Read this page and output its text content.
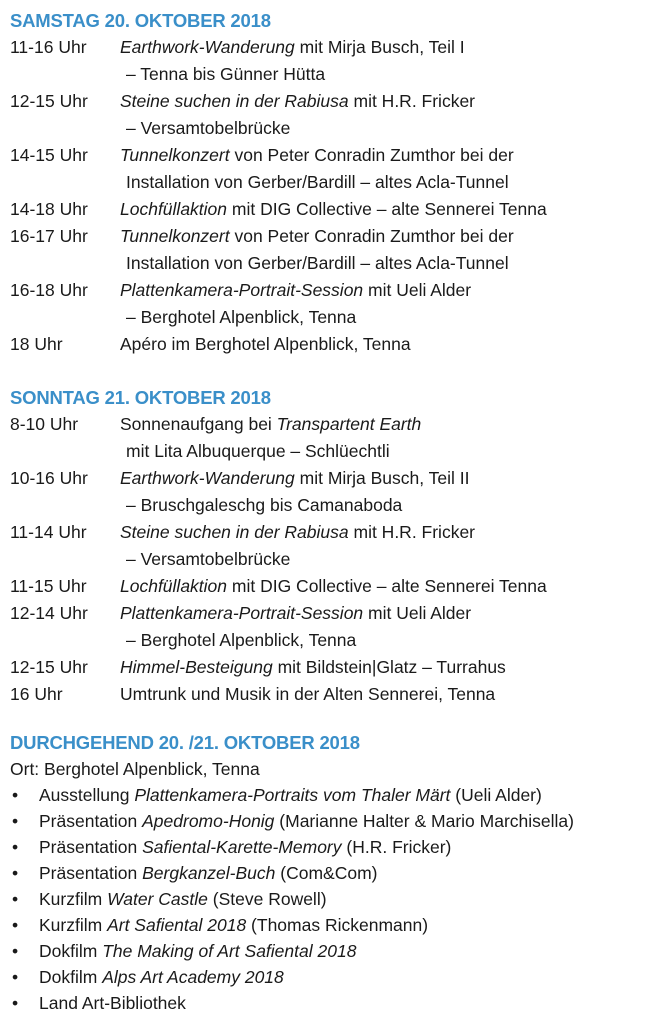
SAMSTAG 20. OKTOBER 2018
11-16 Uhr	Earthwork-Wanderung mit Mirja Busch, Teil I
– Tenna bis Günner Hütta
12-15 Uhr	Steine suchen in der Rabiusa mit H.R. Fricker
– Versamtobelbrücke
14-15 Uhr	Tunnelkonzert von Peter Conradin Zumthor bei der
Installation von Gerber/Bardill – altes Acla-Tunnel
14-18 Uhr	Lochfüllaktion mit DIG Collective – alte Sennerei Tenna
16-17 Uhr	Tunnelkonzert von Peter Conradin Zumthor bei der
Installation von Gerber/Bardill – altes Acla-Tunnel
16-18 Uhr	Plattenkamera-Portrait-Session mit Ueli Alder
– Berghotel Alpenblick, Tenna
18 Uhr	Apéro im Berghotel Alpenblick, Tenna
SONNTAG 21. OKTOBER 2018
8-10 Uhr	Sonnenaufgang bei Transpartent Earth
mit Lita Albuquerque – Schlüechtli
10-16 Uhr	Earthwork-Wanderung mit Mirja Busch, Teil II
– Bruschgaleschg bis Camanaboda
11-14 Uhr	Steine suchen in der Rabiusa mit H.R. Fricker
– Versamtobelbrücke
11-15 Uhr	Lochfüllaktion mit DIG Collective – alte Sennerei Tenna
12-14 Uhr	Plattenkamera-Portrait-Session mit Ueli Alder
– Berghotel Alpenblick, Tenna
12-15 Uhr	Himmel-Besteigung mit Bildstein|Glatz – Turrahus
16 Uhr	Umtrunk und Musik in der Alten Sennerei, Tenna
DURCHGEHEND 20. /21. OKTOBER 2018
Ort: Berghotel Alpenblick, Tenna
•	Ausstellung Plattenkamera-Portraits vom Thaler Märt (Ueli Alder)
•	Präsentation Apedromo-Honig (Marianne Halter & Mario Marchisella)
•	Präsentation Safiental-Karette-Memory (H.R. Fricker)
•	Präsentation Bergkanzel-Buch (Com&Com)
•	Kurzfilm Water Castle (Steve Rowell)
•	Kurzfilm Art Safiental 2018 (Thomas Rickenmann)
•	Dokfilm The Making of Art Safiental 2018
•	Dokfilm Alps Art Academy 2018
•	Land Art-Bibliothek
